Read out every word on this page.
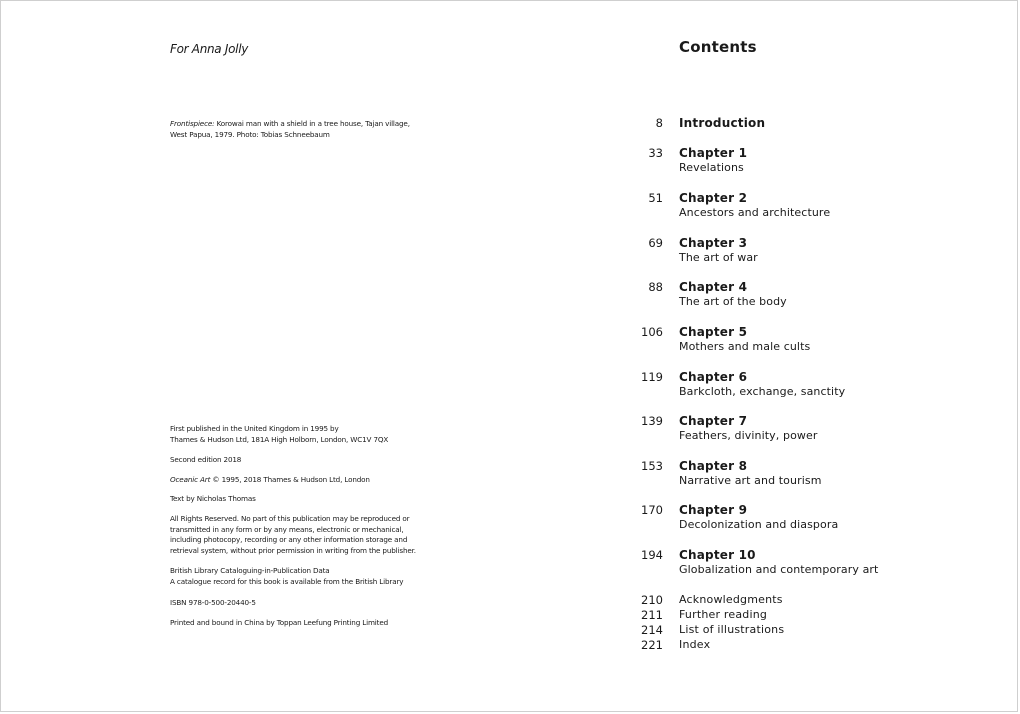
For Anna Jolly
Frontispiece: Korowai man with a shield in a tree house, Tajan village,
West Papua, 1979. Photo: Tobias Schneebaum
First published in the United Kingdom in 1995 by
Thames & Hudson Ltd, 181A High Holborn, London, WC1V 7QX
Second edition 2018
Oceanic Art © 1995, 2018 Thames & Hudson Ltd, London
Text by Nicholas Thomas
All Rights Reserved. No part of this publication may be reproduced or
transmitted in any form or by any means, electronic or mechanical,
including photocopy, recording or any other information storage and
retrieval system, without prior permission in writing from the publisher.
British Library Cataloguing-in-Publication Data
A catalogue record for this book is available from the British Library
ISBN 978-0-500-20440-5
Printed and bound in China by Toppan Leefung Printing Limited
Contents
8 Introduction
33 Chapter 1
Revelations
51 Chapter 2
Ancestors and architecture
69 Chapter 3
The art of war
88 Chapter 4
The art of the body
106 Chapter 5
Mothers and male cults
119 Chapter 6
Barkcloth, exchange, sanctity
139 Chapter 7
Feathers, divinity, power
153 Chapter 8
Narrative art and tourism
170 Chapter 9
Decolonization and diaspora
194 Chapter 10
Globalization and contemporary art
210 Acknowledgments
211 Further reading
214 List of illustrations
221 Index
